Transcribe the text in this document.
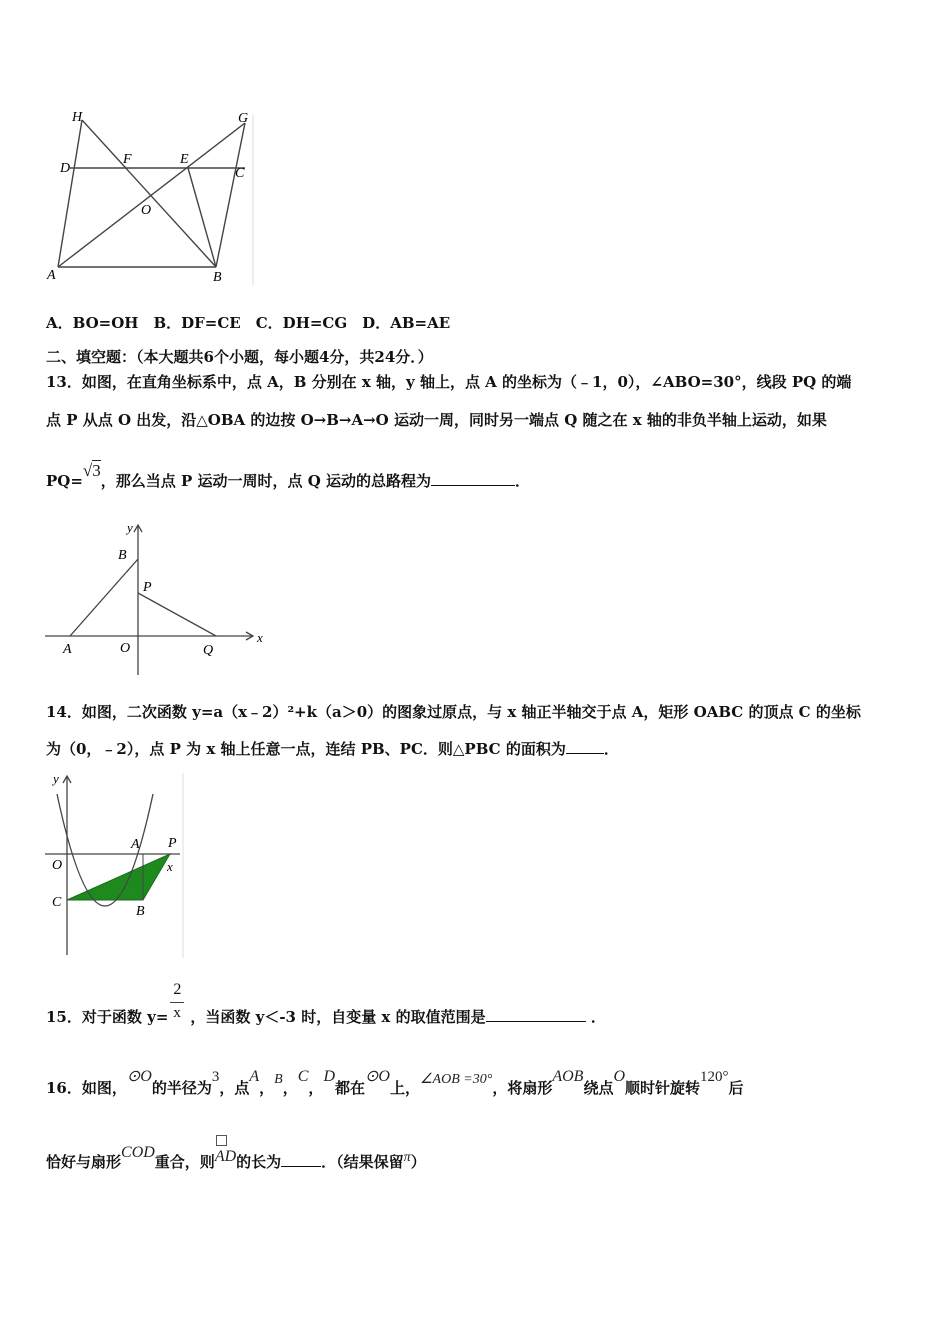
H	G
D
F	E
C
O
A	B
A．BO=OH　B．DF=CE　C．DH=CG　D．AB=AE
二、填空题：（本大题共6个小题，每小题4分，共24分．）
13．如图，在直角坐标系中，点 A，B 分别在 x 轴，y 轴上，点 A 的坐标为（﹣1，0），∠ABO=30°，线段 PQ 的端
点 P 从点 O 出发，沿△OBA 的边按 O→B→A→O 运动一周，同时另一端点 Q 随之在 x 轴的非负半轴上运动，如果
PQ=√3，那么当点 P 运动一周时，点 Q 运动的总路程为	．
y
B
P
A	O	Q
x
14．如图，二次函数 y=a（x﹣2）²+k（a＞0）的图象过原点，与 x 轴正半轴交于点 A，矩形 OABC 的顶点 C 的坐标
为（0，﹣2），点 P 为 x 轴上任意一点，连结 PB、PC．则△PBC 的面积为	．
y
O
A P
x
C
B
15．对于函数 $y= \frac{2}{x}$ ，当函数 y＜-3 时，自变量 x 的取值范围是	．
16．如图，⊙O的半径为3，点A，B，C，D都在⊙O上，∠AOB =30°，将扇形AOB绕点O顺时针旋转120°后
恰好与扇形COD重合，则
AD的长为	．（结果保留π）
